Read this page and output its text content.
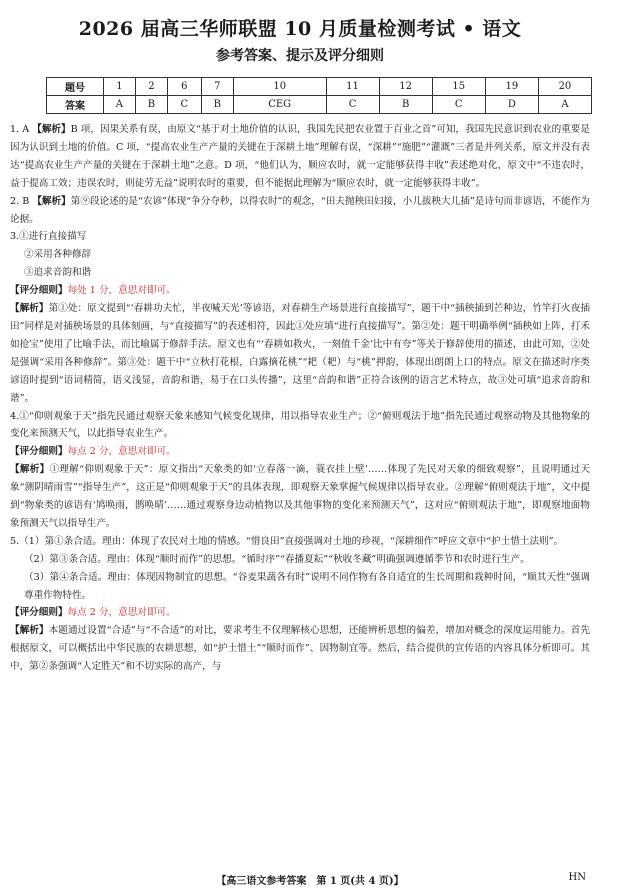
2026 届高三华师联盟 10 月质量检测考试 • 语文
参考答案、提示及评分细则
题号	1	2	6	7	10	11	12	15	19	20
答案	A	B	C	B	CEG	C	B	C	D	A

1. A 【解析】B 项，因果关系有误，由原文“基于对土地价值的认识，我国先民把农业置于百业之首”可知，我国先民意识到农业的重要是因为认识到土地的价值。C 项，“提高农业生产产量的关键在于深耕土地”理解有误，“深耕”“施肥”“灌溉”三者是并列关系，原文并没有表达“提高农业生产产量的关键在于深耕土地”之意。D 项，“他们认为，顺应农时，就一定能够获得丰收”表述绝对化，原文中“不违农时，益于提高工效；违误农时，则徒劳无益”说明农时的重要，但不能据此理解为“顺应农时，就一定能够获得丰收”。

2. B 【解析】第⑨段论述的是“农谚”体现“争分夺秒，以得农时”的观念，“田夫抛秧田妇接，小儿拔秧大儿插”是诗句而非谚语，不能作为论据。

3.①进行直接描写

②采用各种修辞

③追求音韵和谐

【评分细则】每处 1 分，意思对即可。

【解析】第①处：原文提到“‘春耕功夫忙，半夜喊天光’等谚语，对春耕生产场景进行直接描写”，题干中“插秧插到芒种边，竹竿打火夜插田”同样是对插秧场景的具体刻画，与“直接描写”的表述相符，因此①处应填“进行直接描写”。第②处：题干明确举例“插秧如上阵，打禾如抢宝”使用了比喻手法，而比喻属于修辞手法。原文也有“‘春耕如救火，一刻值千金’比中有夸”等关于修辞使用的描述，由此可知，②处是强调“采用各种修辞”。第③处：题干中“立秋打花根，白露摘花桃”“耙（耙）与“桃”押韵，体现出朗朗上口的特点。原文在描述时序类谚语时提到“语词精简，语义浅显，音韵和谐，易于在口头传播”，这里“音韵和谐”正符合该例的语言艺术特点，故③处可填“追求音韵和谐”。

4.①“仰则观象于天”指先民通过观察天象来感知气候变化规律，用以指导农业生产；②“俯则观法于地”指先民通过观察动物及其他物象的变化来预测天气，以此指导农业生产。

【评分细则】每点 2 分，意思对即可。

【解析】①理解“仰则观象于天”：原文指出“天象类的如‘立春落一滴，蓑衣挂上壁’……体现了先民对天象的细致观察”，且说明通过天象“测阴晴雨雪”“指导生产”，这正是“仰则观象于天”的具体表现，即观察天象掌握气候规律以指导农业。②理解“俯则观法于地”，文中提到“物象类的谚语有‘鸠唤雨，鹊唤晴’……通过观察身边动植物以及其他事物的变化来预测天气”，这对应“俯则观法于地”，即观察地面物象预测天气以指导生产。

5.（1）第①条合适。理由：体现了农民对土地的情感。“惜良田”直接强调对土地的珍视，“深耕细作”呼应文章中“护土惜土法则”。

（2）第③条合适。理由：体现“顺时而作”的思想。“循时序”“春播夏耘”“秋收冬藏”明确强调遵循季节和农时进行生产。

（3）第④条合适。理由：体现因物制宜的思想。“谷麦果蔬各有时”说明不同作物有各自适宜的生长周期和栽种时间，“顺其天性”强调尊重作物特性。

【评分细则】每点 2 分，意思对即可。

【解析】本题通过设置“合适”与“不合适”的对比，要求考生不仅理解核心思想，还能辨析思想的偏差，增加对概念的深度运用能力。首先根据原文，可以概括出中华民族的农耕思想，如“护土惜土”“顺时而作”、因物制宜等。然后，结合提供的宣传语的内容具体分析即可。其中，第②条强调“人定胜天”和不切实际的高产，与

【高三语文参考答案　第 1 页(共 4 页)】	HN
